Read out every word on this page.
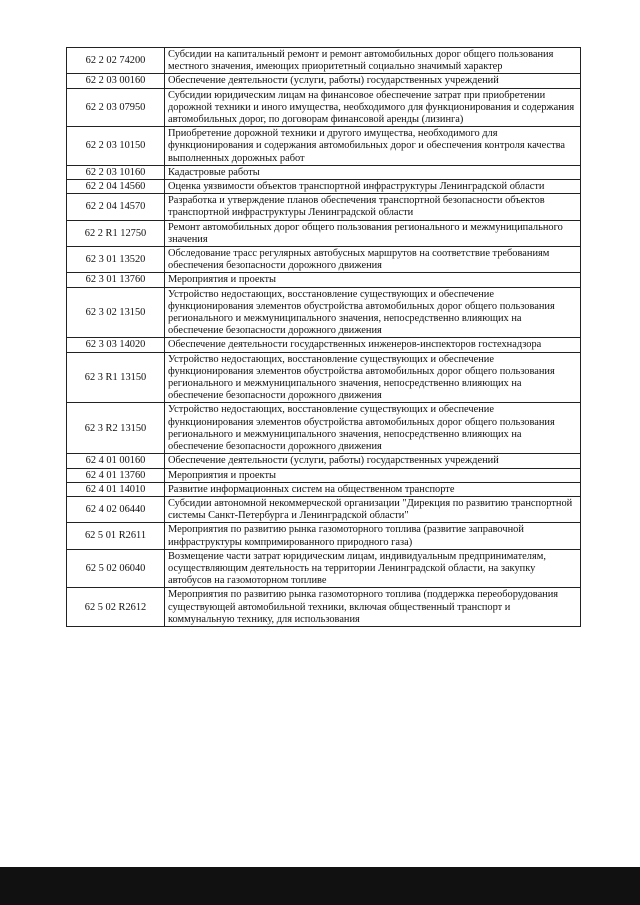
62 2 02 74200	Субсидии на капитальный ремонт и ремонт автомобильных дорог общего пользования местного значения, имеющих приоритетный социально значимый характер
62 2 03 00160	Обеспечение деятельности (услуги, работы) государственных учреждений
62 2 03 07950	Субсидии юридическим лицам на финансовое обеспечение затрат при приобретении дорожной техники и иного имущества, необходимого для функционирования и содержания автомобильных дорог, по договорам финансовой аренды (лизинга)
62 2 03 10150	Приобретение дорожной техники и другого имущества, необходимого для функционирования и содержания автомобильных дорог и обеспечения контроля качества выполненных дорожных работ
62 2 03 10160	Кадастровые работы
62 2 04 14560	Оценка уязвимости объектов транспортной инфраструктуры Ленинградской области
62 2 04 14570	Разработка и утверждение планов обеспечения транспортной безопасности объектов транспортной инфраструктуры Ленинградской области
62 2 R1 12750	Ремонт автомобильных дорог общего пользования регионального и межмуниципального значения
62 3 01 13520	Обследование трасс регулярных автобусных маршрутов на соответствие требованиям обеспечения безопасности дорожного движения
62 3 01 13760	Мероприятия и проекты
62 3 02 13150	Устройство недостающих, восстановление существующих и обеспечение функционирования элементов обустройства автомобильных дорог общего пользования регионального и межмуниципального значения, непосредственно влияющих на обеспечение безопасности дорожного движения
62 3 03 14020	Обеспечение деятельности государственных инженеров-инспекторов гостехнадзора
62 3 R1 13150	Устройство недостающих, восстановление существующих и обеспечение функционирования элементов обустройства автомобильных дорог общего пользования регионального и межмуниципального значения, непосредственно влияющих на обеспечение безопасности дорожного движения
62 3 R2 13150	Устройство недостающих, восстановление существующих и обеспечение функционирования элементов обустройства автомобильных дорог общего пользования регионального и межмуниципального значения, непосредственно влияющих на обеспечение безопасности дорожного движения
62 4 01 00160	Обеспечение деятельности (услуги, работы) государственных учреждений
62 4 01 13760	Мероприятия и проекты
62 4 01 14010	Развитие информационных систем на общественном транспорте
62 4 02 06440	Субсидии автономной некоммерческой организации "Дирекция по развитию транспортной системы Санкт-Петербурга и Ленинградской области"
62 5 01 R2611	Мероприятия по развитию рынка газомоторного топлива (развитие заправочной инфраструктуры компримированного природного газа)
62 5 02 06040	Возмещение части затрат юридическим лицам, индивидуальным предпринимателям, осуществляющим деятельность на территории Ленинградской области, на закупку автобусов на газомоторном топливе
62 5 02 R2612	Мероприятия по развитию рынка газомоторного топлива (поддержка переоборудования существующей автомобильной техники, включая общественный транспорт и коммунальную технику, для использования
